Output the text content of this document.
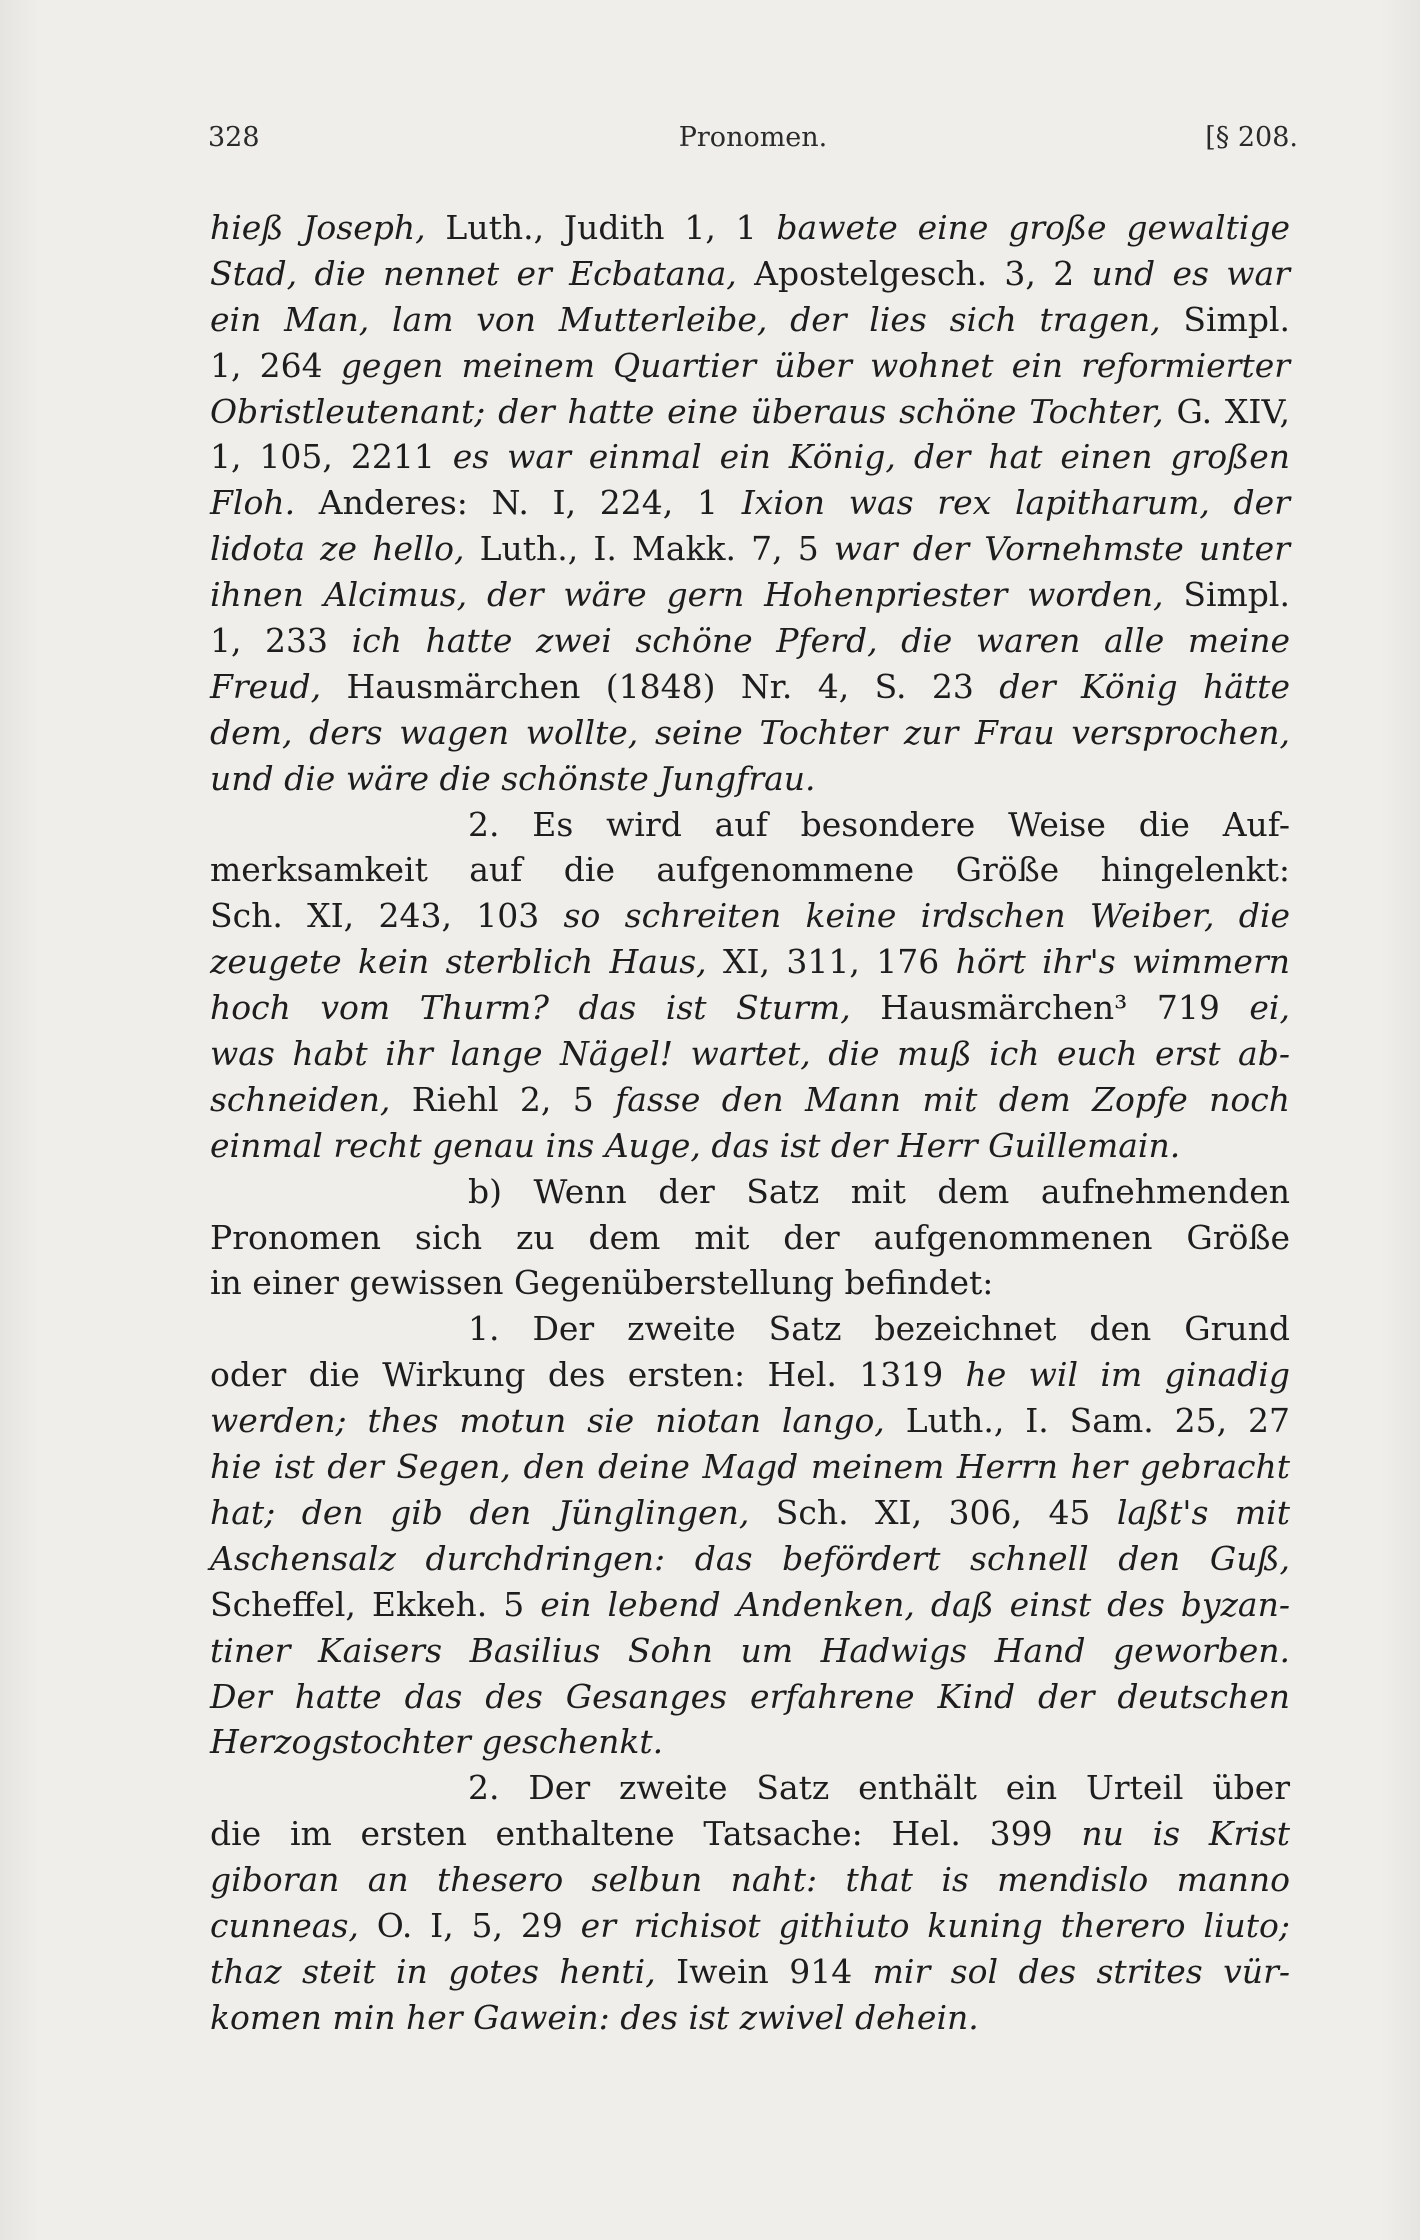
328	Pronomen.	[§ 208.
hieß Joseph, Luth., Judith 1, 1 bawete eine große gewaltige
Stad, die nennet er Ecbatana, Apostelgesch. 3, 2 und es war
ein Man, lam von Mutterleibe, der lies sich tragen, Simpl.
1, 264 gegen meinem Quartier über wohnet ein reformierter
Obristleutenant; der hatte eine überaus schöne Tochter, G. XIV,
1, 105, 2211 es war einmal ein König, der hat einen großen
Floh. Anderes: N. I, 224, 1 Ixion was rex lapitharum, der
lidota ze hello, Luth., I. Makk. 7, 5 war der Vornehmste unter
ihnen Alcimus, der wäre gern Hohenpriester worden, Simpl.
1, 233 ich hatte zwei schöne Pferd, die waren alle meine
Freud, Hausmärchen (1848) Nr. 4, S. 23 der König hätte
dem, ders wagen wollte, seine Tochter zur Frau versprochen,
und die wäre die schönste Jungfrau.
2. Es wird auf besondere Weise die Auf-
merksamkeit auf die aufgenommene Größe hingelenkt:
Sch. XI, 243, 103 so schreiten keine irdschen Weiber, die
zeugete kein sterblich Haus, XI, 311, 176 hört ihr's wimmern
hoch vom Thurm? das ist Sturm, Hausmärchen³ 719 ei,
was habt ihr lange Nägel! wartet, die muß ich euch erst ab-
schneiden, Riehl 2, 5 fasse den Mann mit dem Zopfe noch
einmal recht genau ins Auge, das ist der Herr Guillemain.
b) Wenn der Satz mit dem aufnehmenden
Pronomen sich zu dem mit der aufgenommenen Größe
in einer gewissen Gegenüberstellung befindet:
1. Der zweite Satz bezeichnet den Grund
oder die Wirkung des ersten: Hel. 1319 he wil im ginadig
werden; thes motun sie niotan lango, Luth., I. Sam. 25, 27
hie ist der Segen, den deine Magd meinem Herrn her gebracht
hat; den gib den Jünglingen, Sch. XI, 306, 45 laßt's mit
Aschensalz durchdringen: das befördert schnell den Guß,
Scheffel, Ekkeh. 5 ein lebend Andenken, daß einst des byzan-
tiner Kaisers Basilius Sohn um Hadwigs Hand geworben.
Der hatte das des Gesanges erfahrene Kind der deutschen
Herzogstochter geschenkt.
2. Der zweite Satz enthält ein Urteil über
die im ersten enthaltene Tatsache: Hel. 399 nu is Krist
giboran an thesero selbun naht: that is mendislo manno
cunneas, O. I, 5, 29 er richisot githiuto kuning therero liuto;
thaz steit in gotes henti, Iwein 914 mir sol des strites vür-
komen min her Gawein: des ist zwivel dehein.
